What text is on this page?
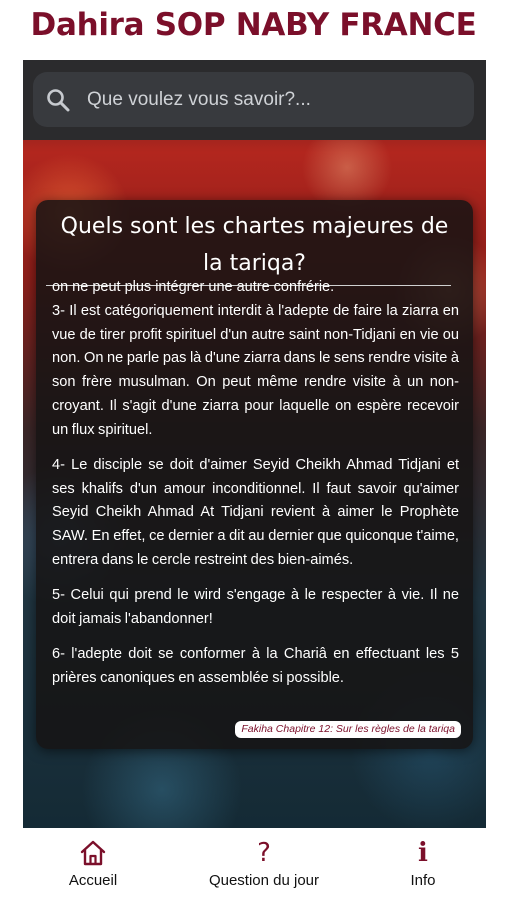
Dahira SOP NABY FRANCE
Que voulez vous savoir?...
Quels sont les chartes majeures de la tariqa?
on ne peut plus intégrer une autre confrérie.

3- Il est catégoriquement interdit à l'adepte de faire la ziarra en vue de tirer profit spirituel d'un autre saint non-Tidjani en vie ou non. On ne parle pas là d'une ziarra dans le sens rendre visite à son frère musulman. On peut même rendre visite à un non-croyant. Il s'agit d'une ziarra pour laquelle on espère recevoir un flux spirituel.

4- Le disciple se doit d'aimer Seyid Cheikh Ahmad Tidjani et ses khalifs d'un amour inconditionnel. Il faut savoir qu'aimer Seyid Cheikh Ahmad At Tidjani revient à aimer le Prophète SAW. En effet, ce dernier a dit au dernier que quiconque t'aime, entrera dans le cercle restreint des bien-aimés.

5- Celui qui prend le wird s'engage à le respecter à vie. Il ne doit jamais l'abandonner!

6- l'adepte doit se conformer à la Chariâ en effectuant les 5 prières canoniques en assemblée si possible.

Fakiha Chapitre 12: Sur les règles de la tariqa
Accueil
?
Question du jour
i
Info
